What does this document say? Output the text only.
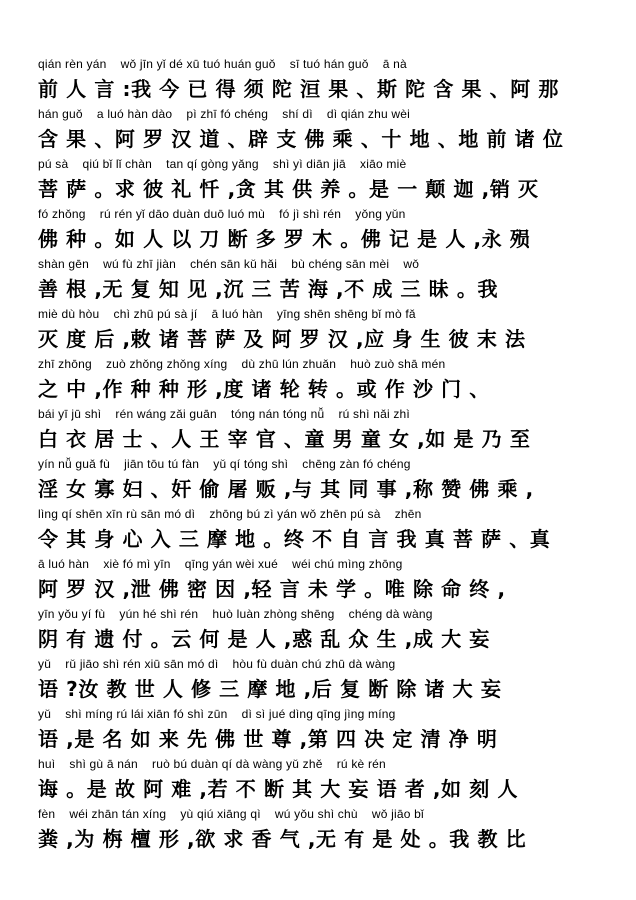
qián rèn yán    wǒ jīn yǐ dé xū tuó huán guǒ    sī tuó hán guǒ    ā nà
前 人 言 :我 今 已 得 须 陀 洹 果 、斯 陀 含 果 、阿 那
hán guǒ    a luó hàn dào    pì zhī fó chéng    shí dì    dì qián zhu wèi
含 果 、阿 罗 汉 道 、辟 支 佛 乘 、十 地 、地 前 诸 位
pú sà    qiú bǐ lǐ chàn    tan qí gòng yǎng    shì yì diān jiā    xiāo miè
菩 萨 。求 彼 礼 忏 ,贪 其 供 养 。是 一 颠 迦 ,销 灭
fó zhǒng    rú rén yǐ dāo duàn duō luó mù    fó jì shì rén    yǒng yǔn
佛 种 。如 人 以 刀 断 多 罗 木 。佛 记 是 人 ,永 殒
shàn gēn    wú fù zhī jiàn    chén sān kǔ hǎi    bù chéng sān mèi    wǒ
善 根 ,无 复 知 见 ,沉 三 苦 海 ,不 成 三 昧 。我
miè dù hòu    chì zhū pú sà jí    ā luó hàn    yīng shēn shēng bǐ mò fǎ
灭 度 后 ,敕 诸 菩 萨 及 阿 罗 汉 ,应 身 生 彼 末 法
zhī zhōng    zuò zhǒng zhǒng xíng    dù zhū lún zhuǎn    huò zuò shā mén
之 中 ,作 种 种 形 ,度 诸 轮 转 。或 作 沙 门 、
bái yī jū shì    rén wáng zǎi guān    tóng nán tóng nǚ    rú shì nǎi zhì
白 衣 居 士 、人 王 宰 官 、童 男 童 女 ,如 是 乃 至
yín nǚ guǎ fù    jiān tōu tú fàn    yǔ qí tóng shì    chēng zàn fó chéng
淫 女 寡 妇 、奸 偷 屠 贩 ,与 其 同 事 ,称 赞 佛 乘 ,
lìng qí shēn xīn rù sān mó dì    zhōng bú zì yán wǒ zhēn pú sà    zhēn
令 其 身 心 入 三 摩 地 。终 不 自 言 我 真 菩 萨 、真
ā luó hàn    xiè fó mì yīn    qīng yán wèi xué    wéi chú mìng zhōng
阿 罗 汉 ,泄 佛 密 因 ,轻 言 未 学 。唯 除 命 终 ,
yīn yǒu yí fù    yún hé shì rén    huò luàn zhòng shēng    chéng dà wàng
阴 有 遗 付 。云 何 是 人 ,惑 乱 众 生 ,成 大 妄
yǔ    rǔ jiāo shì rén xiū sān mó dì    hòu fù duàn chú zhū dà wàng
语 ?汝 教 世 人 修 三 摩 地 ,后 复 断 除 诸 大 妄
yǔ    shì míng rú lái xiān fó shì zūn    dì sì jué dìng qīng jìng míng
语 ,是 名 如 来 先 佛 世 尊 ,第 四 决 定 清 净 明
huì    shì gù ā nán    ruò bú duàn qí dà wàng yǔ zhě    rú kè rén
诲 。是 故 阿 难 ,若 不 断 其 大 妄 语 者 ,如 刻 人
fèn    wéi zhān tán xíng    yù qiú xiāng qì    wú yǒu shì chù    wǒ jiāo bǐ
粪 ,为 栴 檀 形 ,欲 求 香 气 ,无 有 是 处 。我 教 比
